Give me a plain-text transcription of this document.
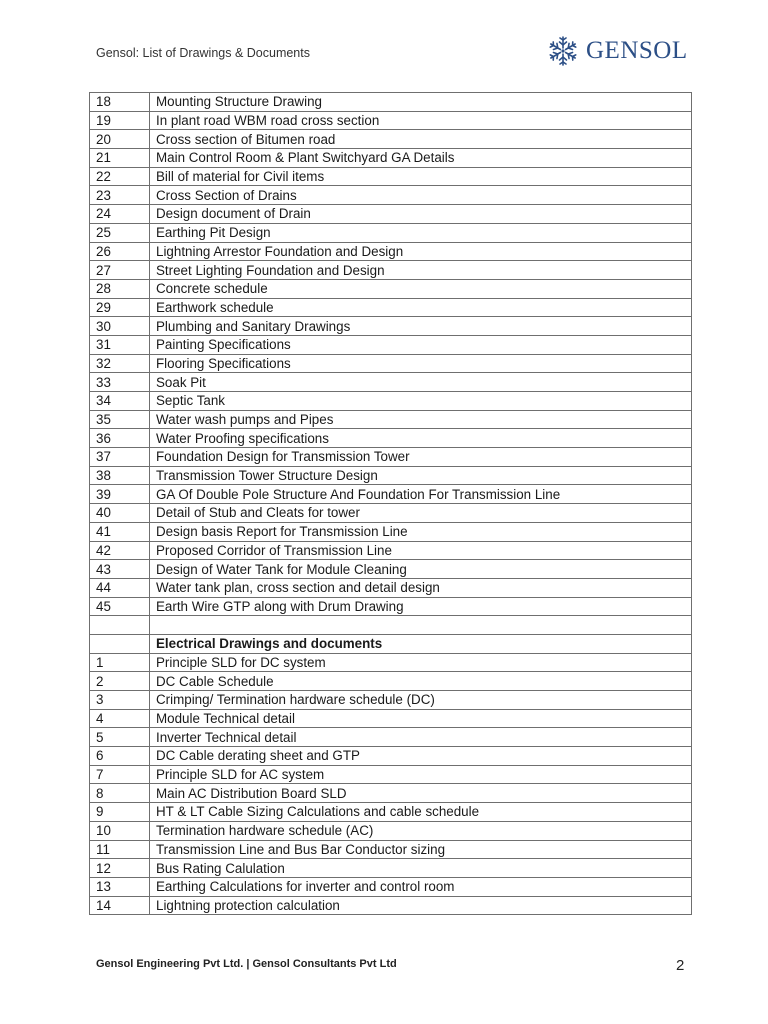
Gensol: List of Drawings & Documents	GENSOL
18	Mounting Structure Drawing
19	In plant road WBM road cross section
20	Cross section of Bitumen road
21	Main Control Room & Plant Switchyard GA Details
22	Bill of material for Civil items
23	Cross Section of Drains
24	Design document of Drain
25	Earthing Pit Design
26	Lightning Arrestor Foundation and Design
27	Street Lighting Foundation and Design
28	Concrete schedule
29	Earthwork schedule
30	Plumbing and Sanitary Drawings
31	Painting Specifications
32	Flooring Specifications
33	Soak Pit
34	Septic Tank
35	Water wash pumps and Pipes
36	Water Proofing specifications
37	Foundation Design for Transmission Tower
38	Transmission Tower Structure Design
39	GA Of Double Pole Structure And Foundation For Transmission Line
40	Detail of Stub and Cleats for tower
41	Design basis Report for Transmission Line
42	Proposed Corridor of Transmission Line
43	Design of Water Tank for Module Cleaning
44	Water tank plan, cross section and detail design
45	Earth Wire GTP along with Drum Drawing

	Electrical Drawings and documents
1	Principle SLD for DC system
2	DC Cable Schedule
3	Crimping/ Termination hardware schedule (DC)
4	Module Technical detail
5	Inverter Technical detail
6	DC Cable derating sheet and GTP
7	Principle SLD for AC system
8	Main AC Distribution Board SLD
9	HT & LT Cable Sizing Calculations and cable schedule
10	Termination hardware schedule (AC)
11	Transmission Line and Bus Bar Conductor sizing
12	Bus Rating Calulation
13	Earthing Calculations for inverter and control room
14	Lightning protection calculation
Gensol Engineering Pvt Ltd. | Gensol Consultants Pvt Ltd	2
